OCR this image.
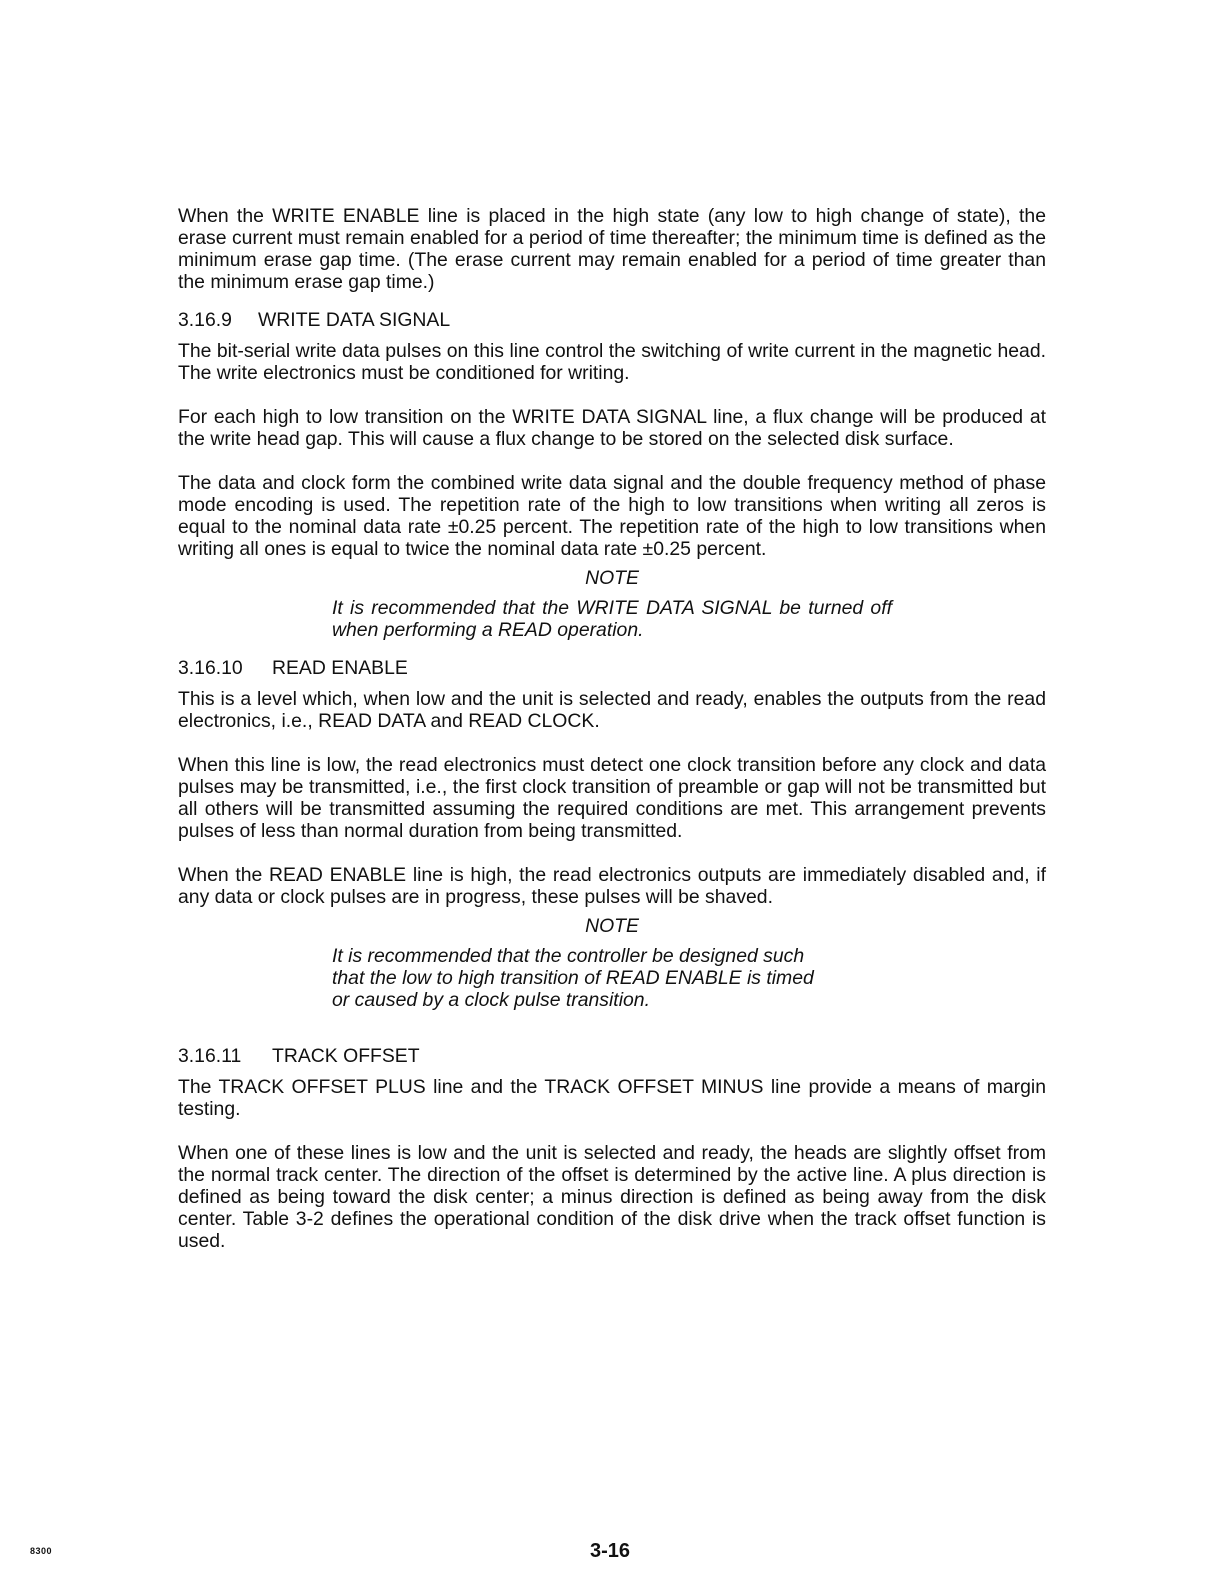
When the WRITE ENABLE line is placed in the high state (any low to high change of state), the erase current must remain enabled for a period of time thereafter; the minimum time is defined as the minimum erase gap time. (The erase current may remain enabled for a period of time greater than the minimum erase gap time.)

3.16.9 WRITE DATA SIGNAL

The bit-serial write data pulses on this line control the switching of write current in the magnetic head. The write electronics must be conditioned for writing.

For each high to low transition on the WRITE DATA SIGNAL line, a flux change will be produced at the write head gap. This will cause a flux change to be stored on the selected disk surface.

The data and clock form the combined write data signal and the double frequency method of phase mode encoding is used. The repetition rate of the high to low transitions when writing all zeros is equal to the nominal data rate ±0.25 percent. The repetition rate of the high to low transitions when writing all ones is equal to twice the nominal data rate ±0.25 percent.

NOTE
It is recommended that the WRITE DATA SIGNAL be turned off when performing a READ operation.
3.16.10 READ ENABLE

This is a level which, when low and the unit is selected and ready, enables the outputs from the read electronics, i.e., READ DATA and READ CLOCK.

When this line is low, the read electronics must detect one clock transition before any clock and data pulses may be transmitted, i.e., the first clock transition of preamble or gap will not be transmitted but all others will be transmitted assuming the required conditions are met. This arrangement prevents pulses of less than normal duration from being transmitted.

When the READ ENABLE line is high, the read electronics outputs are immediately disabled and, if any data or clock pulses are in progress, these pulses will be shaved.

NOTE
It is recommended that the controller be designed such
that the low to high transition of READ ENABLE is timed
or caused by a clock pulse transition.
3.16.11 TRACK OFFSET

The TRACK OFFSET PLUS line and the TRACK OFFSET MINUS line provide a means of margin testing.

When one of these lines is low and the unit is selected and ready, the heads are slightly offset from the normal track center. The direction of the offset is determined by the active line. A plus direction is defined as being toward the disk center; a minus direction is defined as being away from the disk center. Table 3-2 defines the operational condition of the disk drive when the track offset function is used.

8300	3-16
